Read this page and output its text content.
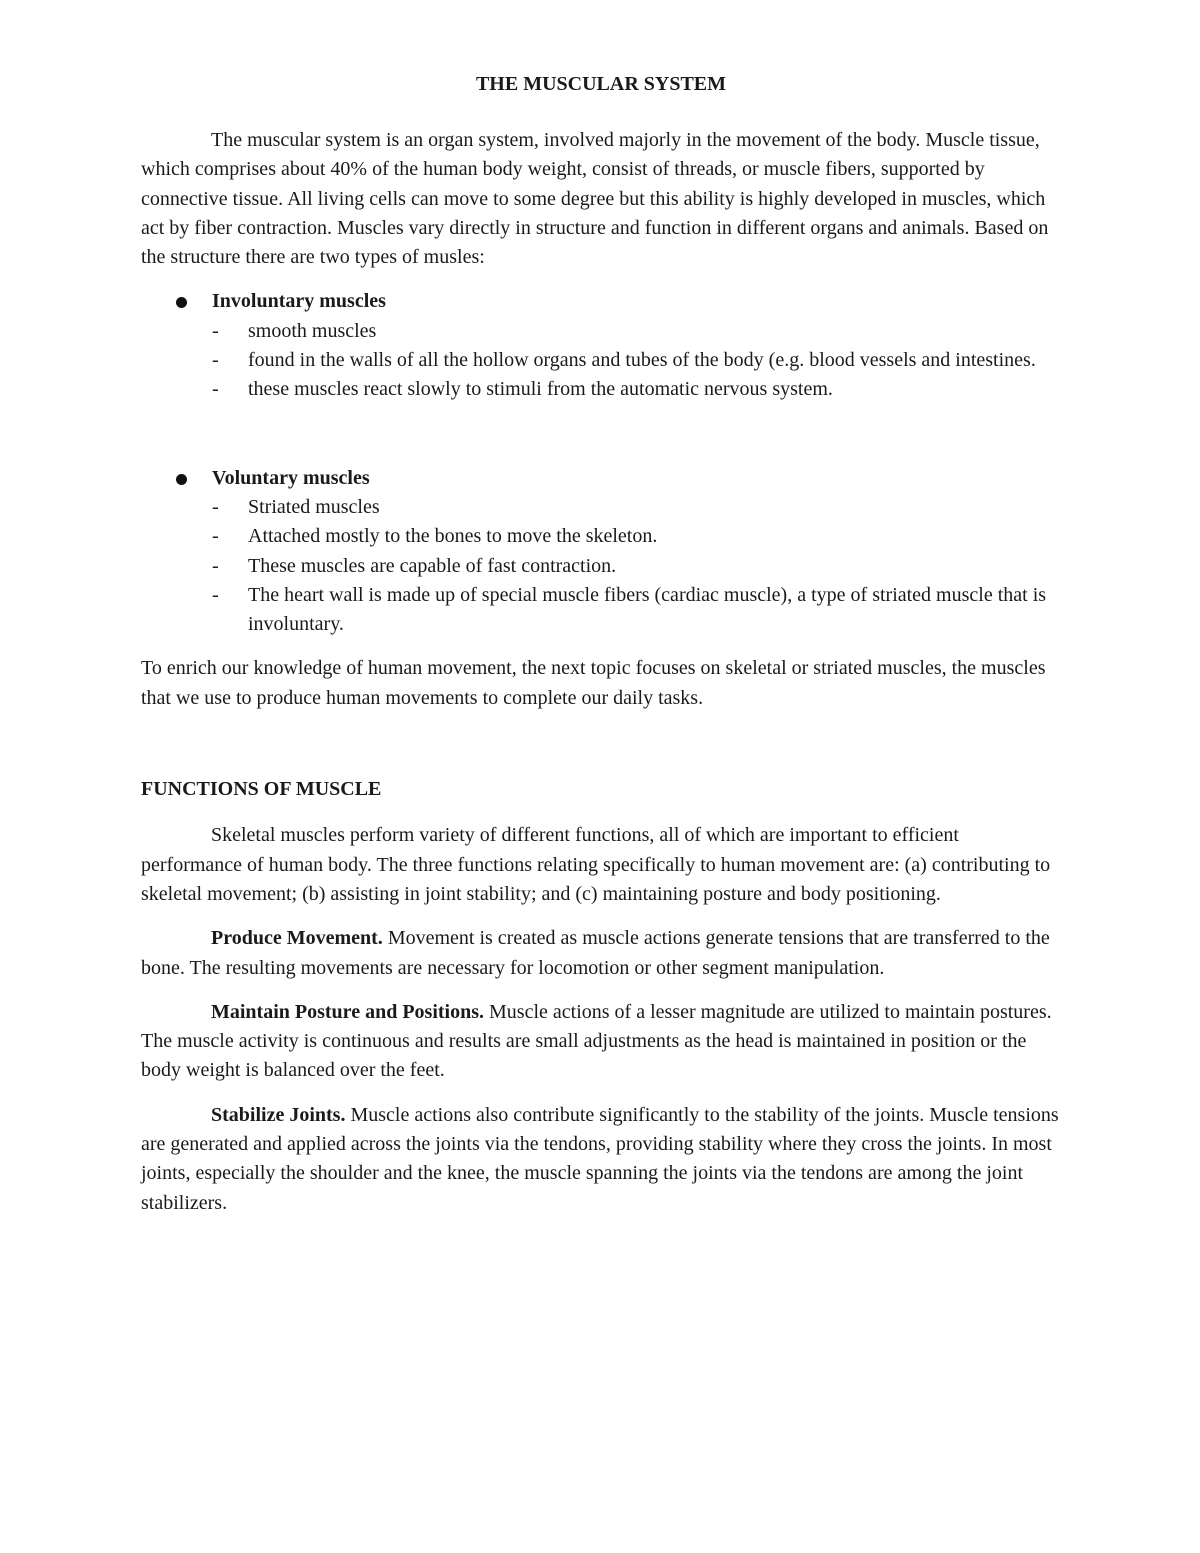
THE MUSCULAR SYSTEM

The muscular system is an organ system, involved majorly in the movement of the body. Muscle tissue, which comprises about 40% of the human body weight, consist of threads, or muscle fibers, supported by connective tissue. All living cells can move to some degree but this ability is highly developed in muscles, which act by fiber contraction. Muscles vary directly in structure and function in different organs and animals. Based on the structure there are two types of musles:

Involuntary muscles
- smooth muscles
- found in the walls of all the hollow organs and tubes of the body (e.g. blood vessels and intestines.
- these muscles react slowly to stimuli from the automatic nervous system.
Voluntary muscles
- Striated muscles
- Attached mostly to the bones to move the skeleton.
- These muscles are capable of fast contraction.
- The heart wall is made up of special muscle fibers (cardiac muscle), a type of striated muscle that is involuntary.

To enrich our knowledge of human movement, the next topic focuses on skeletal or striated muscles, the muscles that we use to produce human movements to complete our daily tasks.

FUNCTIONS OF MUSCLE

Skeletal muscles perform variety of different functions, all of which are important to efficient performance of human body. The three functions relating specifically to human movement are: (a) contributing to skeletal movement; (b) assisting in joint stability; and (c) maintaining posture and body positioning.

Produce Movement. Movement is created as muscle actions generate tensions that are transferred to the bone. The resulting movements are necessary for locomotion or other segment manipulation.

Maintain Posture and Positions. Muscle actions of a lesser magnitude are utilized to maintain postures. The muscle activity is continuous and results are small adjustments as the head is maintained in position or the body weight is balanced over the feet.

Stabilize Joints. Muscle actions also contribute significantly to the stability of the joints. Muscle tensions are generated and applied across the joints via the tendons, providing stability where they cross the joints. In most joints, especially the shoulder and the knee, the muscle spanning the joints via the tendons are among the joint stabilizers.
